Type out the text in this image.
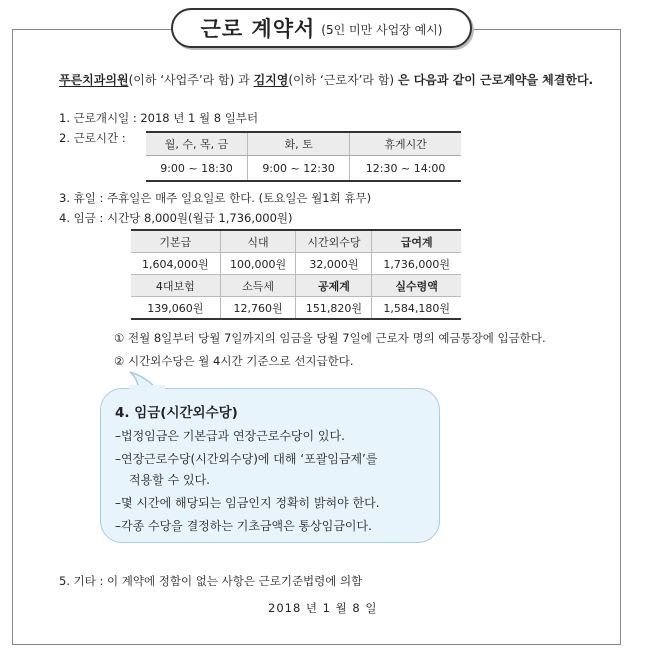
근로 계약서 (5인 미만 사업장 예시)
푸른치과의원(이하 ‘사업주’라 함) 과 김지영(이하 ‘근로자’라 함) 은 다음과 같이 근로계약을 체결한다.
1. 근로개시일 : 2018 년 1 월 8 일부터
2. 근로시간 :	월, 수, 목, 금	화, 토	휴게시간
9:00 ~ 18:30	9:00 ~ 12:30	12:30 ~ 14:00
3. 휴일 : 주휴일은 매주 일요일로 한다. (토요일은 월1회 휴무)
4. 임금 : 시간당 8,000원(월급 1,736,000원)
기본급	식대	시간외수당	급여계
1,604,000원	100,000원	32,000원	1,736,000원
4대보험	소득세	공제계	실수령액
139,060원	12,760원	151,820원	1,584,180원
① 전월 8일부터 당월 7일까지의 임금을 당월 7일에 근로자 명의 예금통장에 입금한다.
② 시간외수당은 월 4시간 기준으로 선지급한다.
4. 임금(시간외수당)
–법정임금은 기본급과 연장근로수당이 있다.
–연장근로수당(시간외수당)에 대해 ‘포괄임금제’를
적용할 수 있다.
–몇 시간에 해당되는 임금인지 정확히 밝혀야 한다.
–각종 수당을 결정하는 기초금액은 통상임금이다.
5. 기타 : 이 계약에 정함이 없는 사항은 근로기준법령에 의함
2018 년 1 월 8 일
